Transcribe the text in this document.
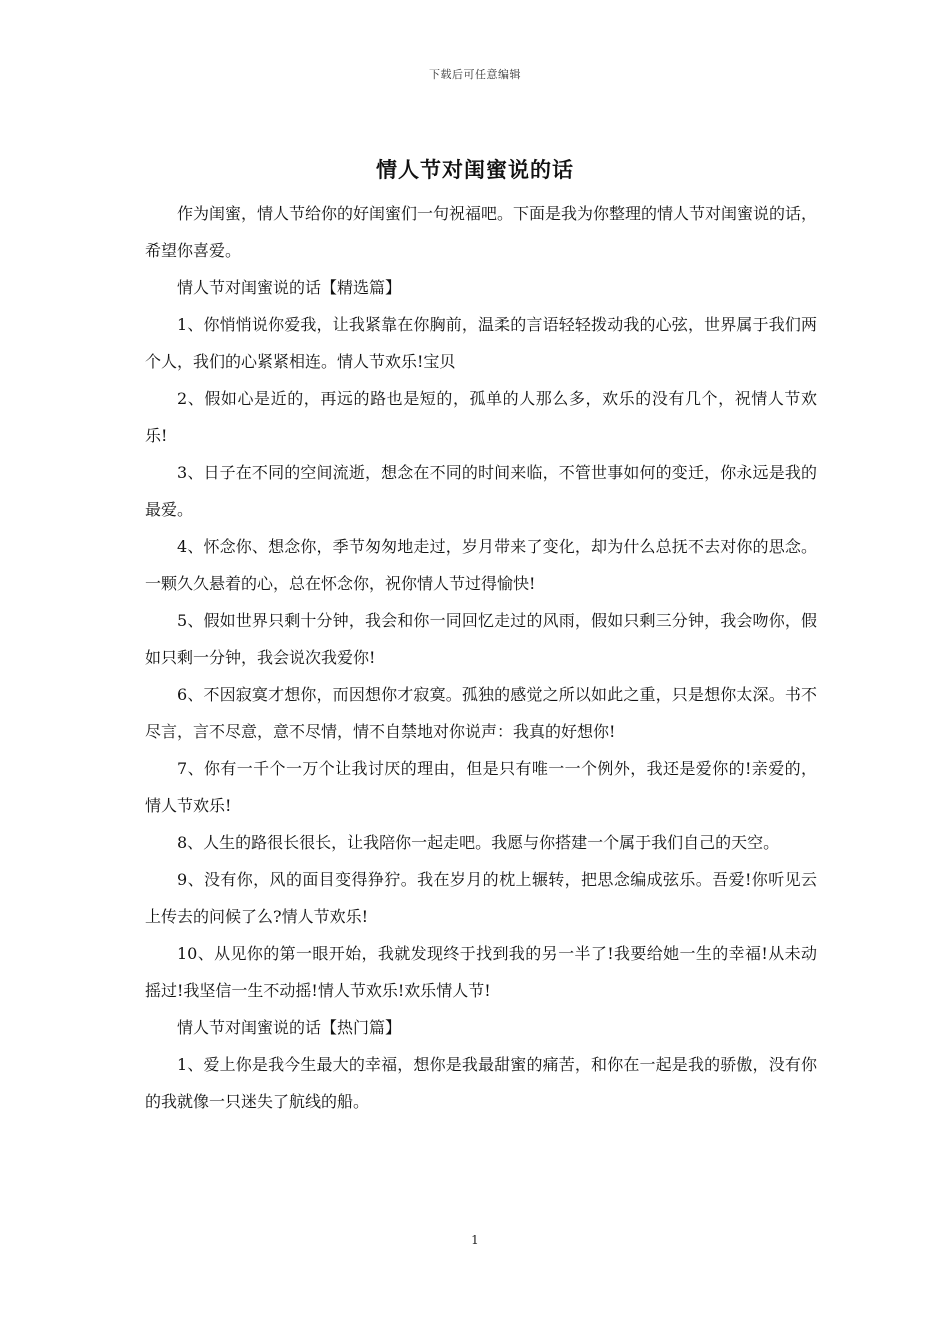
下载后可任意编辑
情人节对闺蜜说的话

作为闺蜜，情人节给你的好闺蜜们一句祝福吧。下面是我为你整理的情人节对闺蜜说的话，希望你喜爱。

情人节对闺蜜说的话【精选篇】

1、你悄悄说你爱我，让我紧靠在你胸前，温柔的言语轻轻拨动我的心弦，世界属于我们两个人，我们的心紧紧相连。情人节欢乐!宝贝

2、假如心是近的，再远的路也是短的，孤单的人那么多，欢乐的没有几个，祝情人节欢乐!

3、日子在不同的空间流逝，想念在不同的时间来临，不管世事如何的变迁，你永远是我的最爱。

4、怀念你、想念你，季节匆匆地走过，岁月带来了变化，却为什么总抚不去对你的思念。一颗久久悬着的心，总在怀念你，祝你情人节过得愉快!

5、假如世界只剩十分钟，我会和你一同回忆走过的风雨，假如只剩三分钟，我会吻你，假如只剩一分钟，我会说次我爱你!

6、不因寂寞才想你，而因想你才寂寞。孤独的感觉之所以如此之重，只是想你太深。书不尽言，言不尽意，意不尽情，情不自禁地对你说声：我真的好想你!

7、你有一千个一万个让我讨厌的理由，但是只有唯一一个例外，我还是爱你的!亲爱的，情人节欢乐!

8、人生的路很长很长，让我陪你一起走吧。我愿与你搭建一个属于我们自己的天空。

9、没有你，风的面目变得狰狞。我在岁月的枕上辗转，把思念编成弦乐。吾爱!你听见云上传去的问候了么?情人节欢乐!

10、从见你的第一眼开始，我就发现终于找到我的另一半了!我要给她一生的幸福!从未动摇过!我坚信一生不动摇!情人节欢乐!欢乐情人节!

情人节对闺蜜说的话【热门篇】

1、爱上你是我今生最大的幸福，想你是我最甜蜜的痛苦，和你在一起是我的骄傲，没有你的我就像一只迷失了航线的船。

1
